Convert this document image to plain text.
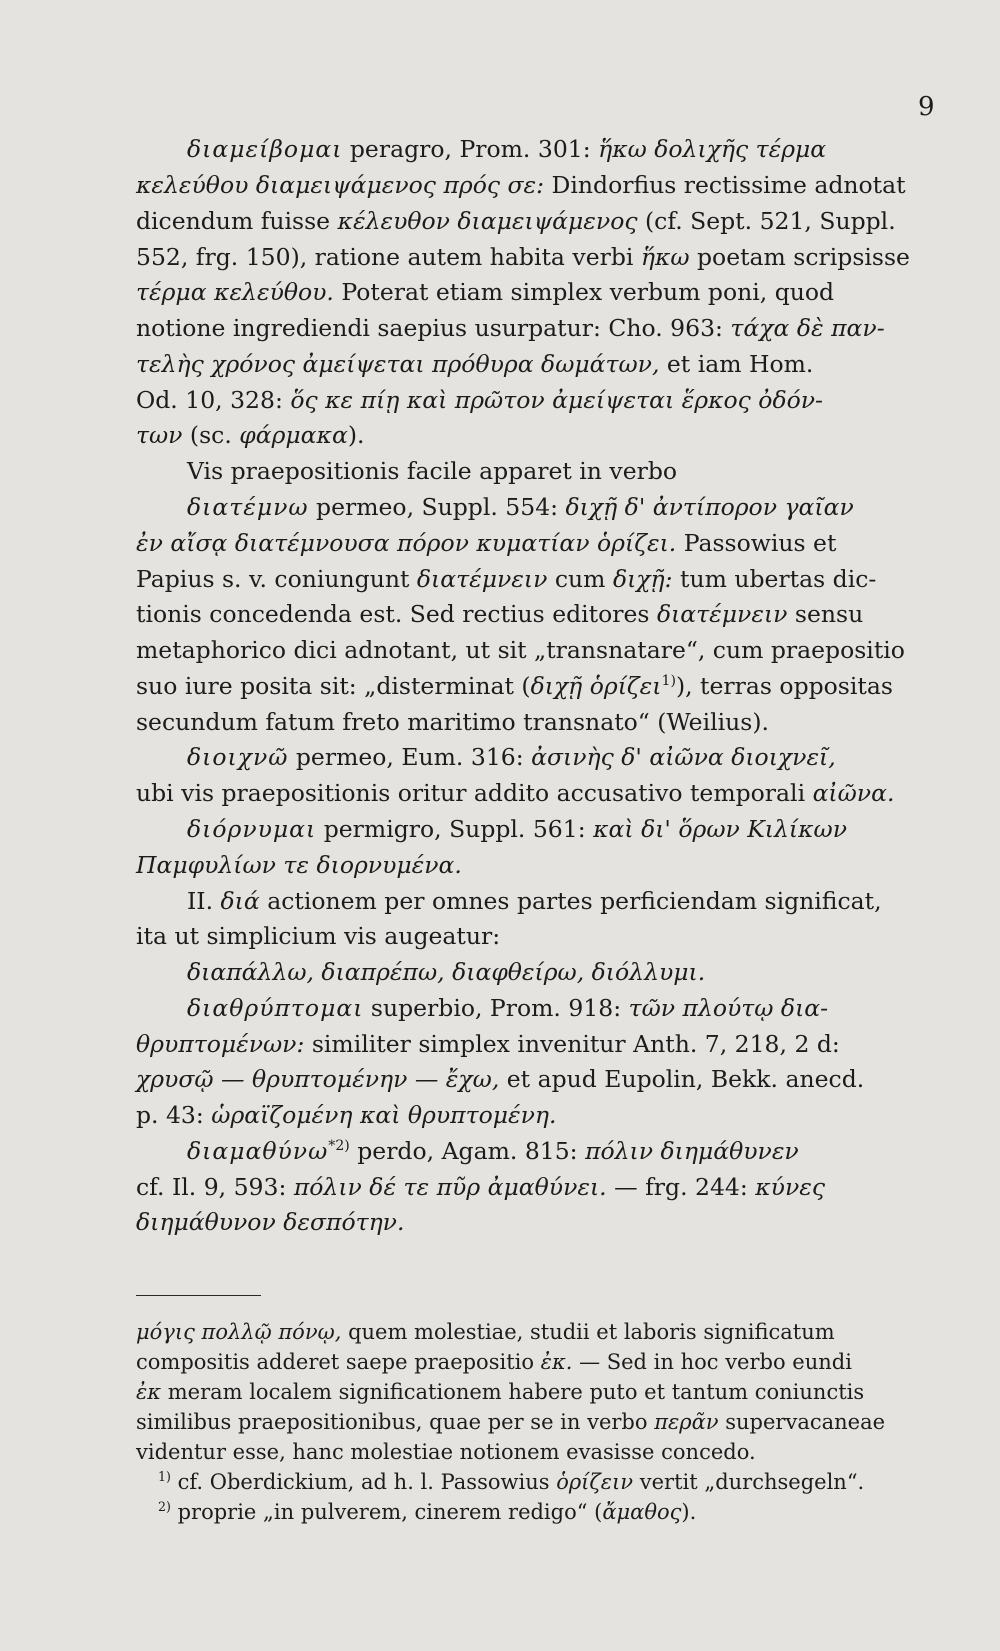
9
διαμείβομαι peragro, Prom. 301: ἥκω δολιχῆς τέρμα
κελεύθου διαμειψάμενος πρός σε: Dindorfius rectissime adnotat
dicendum fuisse κέλευθον διαμειψάμενος (cf. Sept. 521, Suppl.
552, frg. 150), ratione autem habita verbi ἥκω poetam scripsisse
τέρμα κελεύθου. Poterat etiam simplex verbum poni, quod
notione ingrediendi saepius usurpatur: Cho. 963: τάχα δὲ παν-
τελὴς χρόνος ἀμείψεται πρόθυρα δωμάτων, et iam Hom.
Od. 10, 328: ὅς κε πίῃ καὶ πρῶτον ἀμείψεται ἕρκος ὀδόν-
των (sc. φάρμακα).
Vis praepositionis facile apparet in verbo
διατέμνω permeo, Suppl. 554: διχῇ δ' ἀντίπορον γαῖαν
ἐν αἴσᾳ διατέμνουσα πόρον κυματίαν ὁρίζει. Passowius et
Papius s. v. coniungunt διατέμνειν cum διχῇ: tum ubertas dic-
tionis concedenda est. Sed rectius editores διατέμνειν sensu
metaphorico dici adnotant, ut sit „transnatare“, cum praepositio
suo iure posita sit: „disterminat (διχῇ ὁρίζει$^{1)}$), terras oppositas
secundum fatum freto maritimo transnato“ (Weilius).
διοιχνῶ permeo, Eum. 316: ἀσινὴς δ' αἰῶνα διοιχνεῖ,
ubi vis praepositionis oritur addito accusativo temporali αἰῶνα.
διόρνυμαι permigro, Suppl. 561: καὶ δι' ὅρων Κιλίκων
Παμφυλίων τε διορνυμένα.
II. διά actionem per omnes partes perficiendam significat,
ita ut simplicium vis augeatur:
διαπάλλω, διαπρέπω, διαφθείρω, διόλλυμι.
διαθρύπτομαι superbio, Prom. 918: τῶν πλούτῳ δια-
θρυπτομένων: similiter simplex invenitur Anth. 7, 218, 2 d:
χρυσῷ — θρυπτομένην — ἔχω, et apud Eupolin, Bekk. anecd.
p. 43: ὡραϊζομένη καὶ θρυπτομένη.
διαμαθύνω$^{*2)}$ perdo, Agam. 815: πόλιν διημάθυνεν
cf. Il. 9, 593: πόλιν δέ τε πῦρ ἀμαθύνει. — frg. 244: κύνες
διημάθυνον δεσπότην.
μόγις πολλῷ πόνῳ, quem molestiae, studii et laboris significatum
compositis adderet saepe praepositio ἐκ. — Sed in hoc verbo eundi
ἐκ meram localem significationem habere puto et tantum coniunctis
similibus praepositionibus, quae per se in verbo περᾶν supervacaneae
videntur esse, hanc molestiae notionem evasisse concedo.
$^{1)}$ cf. Oberdickium, ad h. l. Passowius ὁρίζειν vertit „durchsegeln“.
$^{2)}$ proprie „in pulverem, cinerem redigo“ (ἄμαθος).
